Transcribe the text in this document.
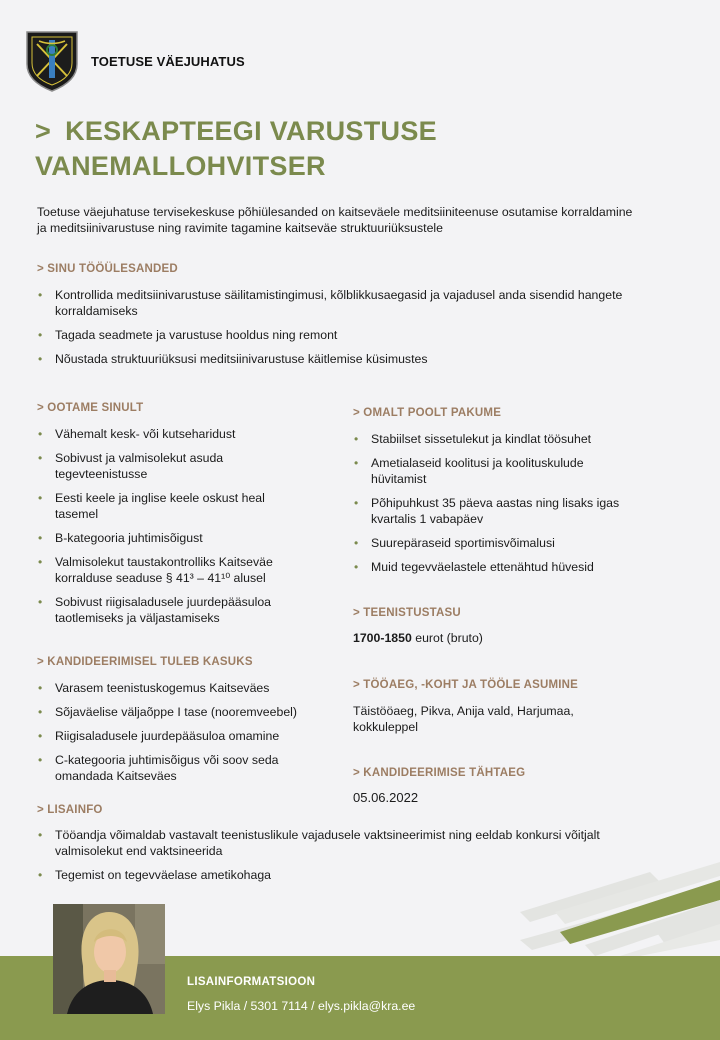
TOETUSE VÄEJUHATUS
> KESKAPTEEGI VARUSTUSE
VANEMALLOHVITSER
Toetuse väejuhatuse tervisekeskuse põhiülesanded on kaitseväele meditsiiniteenuse osutamise korraldamine ja meditsiinivarustuse ning ravimite tagamine kaitseväe struktuuriüksustele
> SINU TÖÖÜLESANDED
• Kontrollida meditsiinivarustuse säilitamistingimusi, kõlblikkusaegasid ja vajadusel anda sisendid hangete korraldamiseks
• Tagada seadmete ja varustuse hooldus ning remont
• Nõustada struktuuriüksusi meditsiinivarustuse käitlemise küsimustes
> OOTAME SINULT
• Vähemalt kesk- või kutseharidust
• Sobivust ja valmisolekut asuda tegevteenistusse
• Eesti keele ja inglise keele oskust heal tasemel
• B-kategooria juhtimisõigust
• Valmisolekut taustakontrolliks Kaitseväe korralduse seaduse § 41³ – 41¹⁰ alusel
• Sobivust riigisaladusele juurdepääsuloa taotlemiseks ja väljastamiseks
> KANDIDEERIMISEL TULEB KASUKS
• Varasem teenistuskogemus Kaitseväes
• Sõjaväelise väljaõppe I tase (nooremveebel)
• Riigisaladusele juurdepääsuloa omamine
• C-kategooria juhtimisõigus või soov seda omandada Kaitseväes
> LISAINFO
• Tööandja võimaldab vastavalt teenistuslikule vajadusele vaktsineerimist ning eeldab konkursi võitjalt valmisolekut end vaktsineerida
• Tegemist on tegevväelase ametikohaga
> OMALT POOLT PAKUME
• Stabiilset sissetulekut ja kindlat töösuhet
• Ametialaseid koolitusi ja koolituskulude hüvitamist
• Põhipuhkust 35 päeva aastas ning lisaks igas kvartalis 1 vabapäev
• Suurepäraseid sportimisvõimalusi
• Muid tegevväelastele ettenähtud hüvesid
> TEENISTUSTASU
1700-1850 eurot (bruto)
> TÖÖAEG, -KOHT JA TÖÖLE ASUMINE
Täistööaeg, Pikva, Anija vald, Harjumaa,
kokkuleppel
> KANDIDEERIMISE TÄHTAEG
05.06.2022
LISAINFORMATSIOON
Elys Pikla / 5301 7114 / elys.pikla@kra.ee
